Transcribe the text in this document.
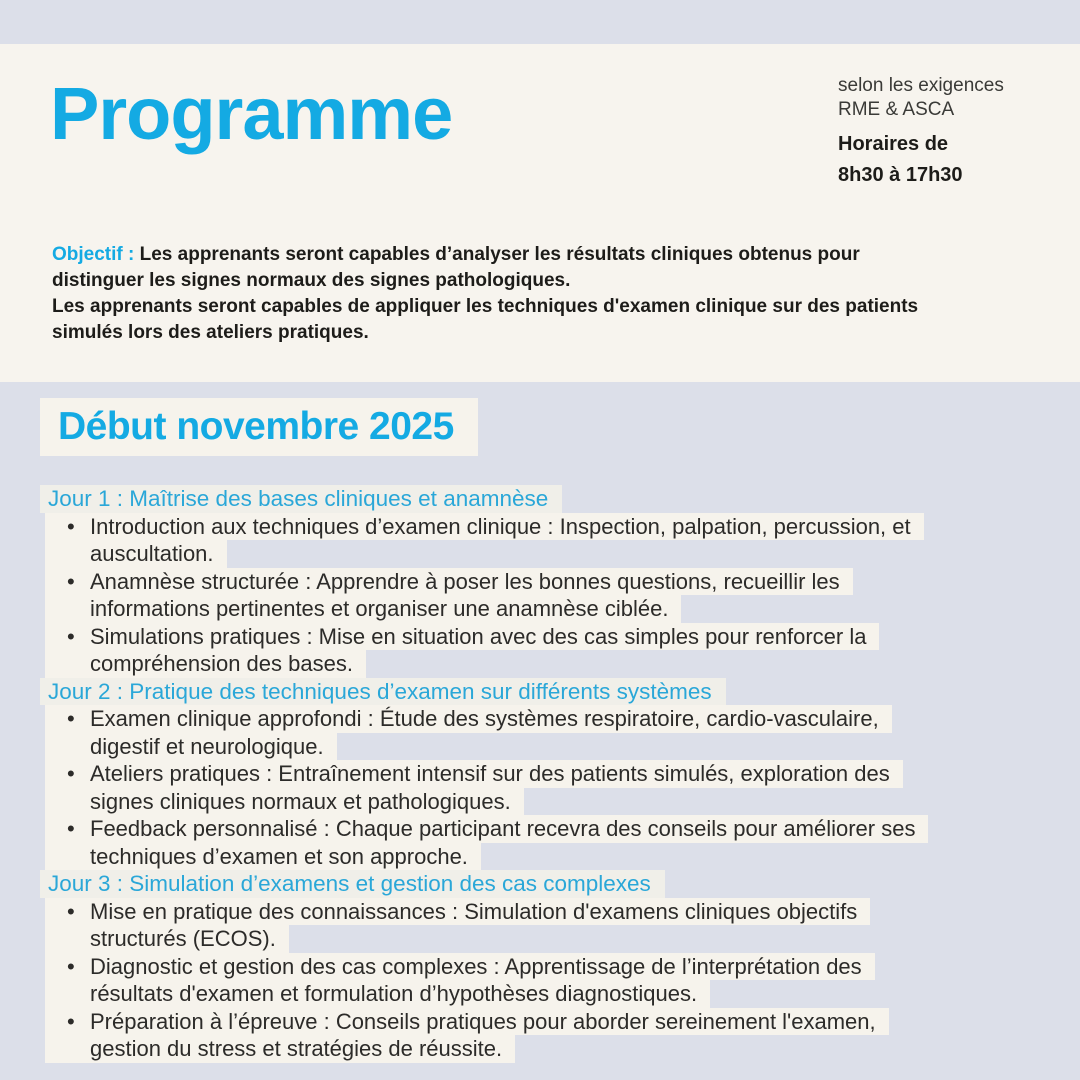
Programme	selon les exigences
RME & ASCA
Horaires de
8h30 à 17h30

Objectif : Les apprenants seront capables d’analyser les résultats cliniques obtenus pour distinguer les signes normaux des signes pathologiques.

Les apprenants seront capables de appliquer les techniques d'examen clinique sur des patients simulés lors des ateliers pratiques.

Début novembre 2025
Jour 1 : Maîtrise des bases cliniques et anamnèse
• Introduction aux techniques d’examen clinique : Inspection, palpation, percussion, et
auscultation.
• Anamnèse structurée : Apprendre à poser les bonnes questions, recueillir les
informations pertinentes et organiser une anamnèse ciblée.
• Simulations pratiques : Mise en situation avec des cas simples pour renforcer la
compréhension des bases.
Jour 2 : Pratique des techniques d’examen sur différents systèmes
• Examen clinique approfondi : Étude des systèmes respiratoire, cardio-vasculaire,
digestif et neurologique.
• Ateliers pratiques : Entraînement intensif sur des patients simulés, exploration des
signes cliniques normaux et pathologiques.
• Feedback personnalisé : Chaque participant recevra des conseils pour améliorer ses
techniques d’examen et son approche.
Jour 3 : Simulation d’examens et gestion des cas complexes
• Mise en pratique des connaissances : Simulation d'examens cliniques objectifs
structurés (ECOS).
• Diagnostic et gestion des cas complexes : Apprentissage de l’interprétation des
résultats d'examen et formulation d’hypothèses diagnostiques.
• Préparation à l’épreuve : Conseils pratiques pour aborder sereinement l'examen,
gestion du stress et stratégies de réussite.
